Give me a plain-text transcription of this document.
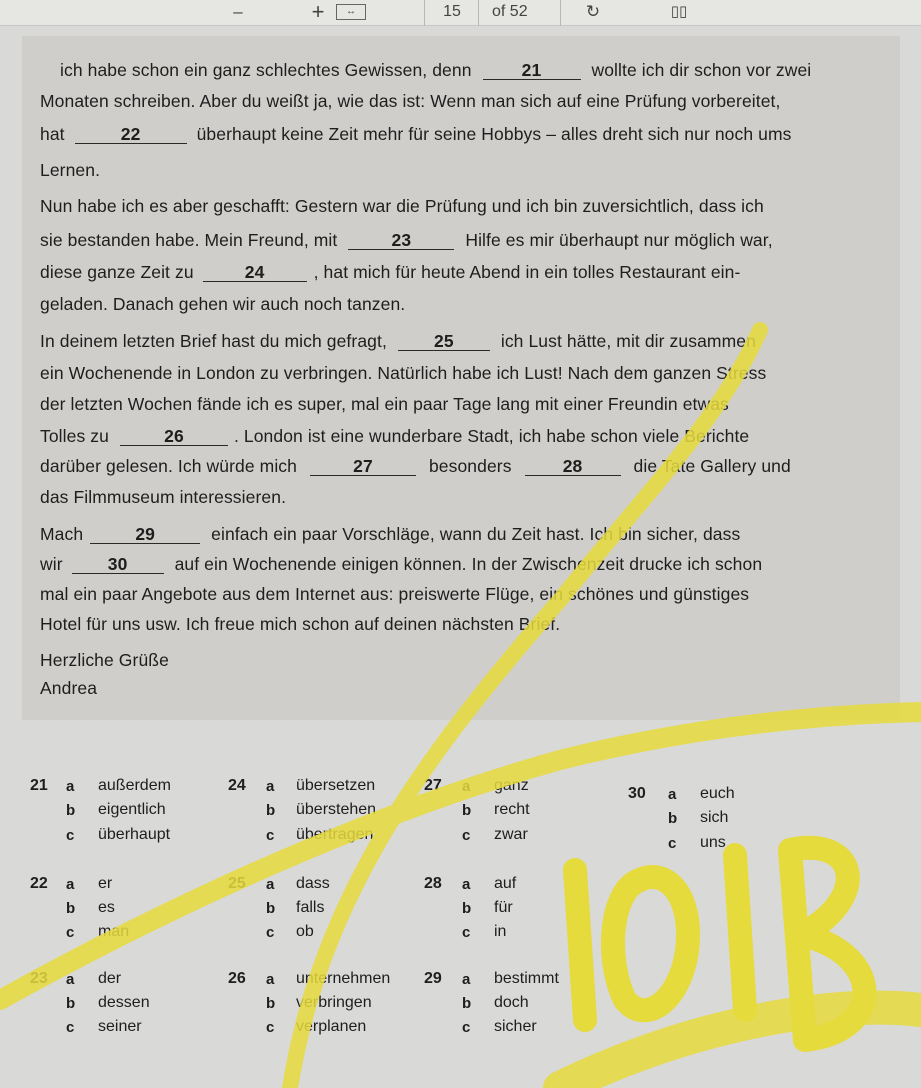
–	+	↔	15	of 52	↻	▯▯
ich habe schon ein ganz schlechtes Gewissen, denn	21	wollte ich dir schon vor zwei
Monaten schreiben. Aber du weißt ja, wie das ist: Wenn man sich auf eine Prüfung vorbereitet,
hat	22	überhaupt keine Zeit mehr für seine Hobbys – alles dreht sich nur noch ums
Lernen.
Nun habe ich es aber geschafft: Gestern war die Prüfung und ich bin zuversichtlich, dass ich
sie bestanden habe. Mein Freund, mit	23	Hilfe es mir überhaupt nur möglich war,
diese ganze Zeit zu	24	, hat mich für heute Abend in ein tolles Restaurant ein-
geladen. Danach gehen wir auch noch tanzen.
In deinem letzten Brief hast du mich gefragt,	25	ich Lust hätte, mit dir zusammen
ein Wochenende in London zu verbringen. Natürlich habe ich Lust! Nach dem ganzen Stress
der letzten Wochen fände ich es super, mal ein paar Tage lang mit einer Freundin etwas
Tolles zu	26	. London ist eine wunderbare Stadt, ich habe schon viele Berichte
darüber gelesen. Ich würde mich	27	besonders	28	die Tate Gallery und
das Filmmuseum interessieren.
Mach	29	einfach ein paar Vorschläge, wann du Zeit hast. Ich bin sicher, dass
wir	30	auf ein Wochenende einigen können. In der Zwischenzeit drucke ich schon
mal ein paar Angebote aus dem Internet aus: preiswerte Flüge, ein schönes und günstiges
Hotel für uns usw. Ich freue mich schon auf deinen nächsten Brief.
Herzliche Grüße
Andrea
21 a außerdem
b eigentlich
c überhaupt
22 a er
b es
c man
23 a der
b dessen
c seiner
24 a übersetzen
b überstehen
c übertragen
25 a dass
b falls
c ob
26 a unternehmen
b verbringen
c verplanen
27 a ganz
b recht
c zwar
28 a auf
b für
c in
29 a bestimmt
b doch
c sicher
30 a euch
b sich
c uns
